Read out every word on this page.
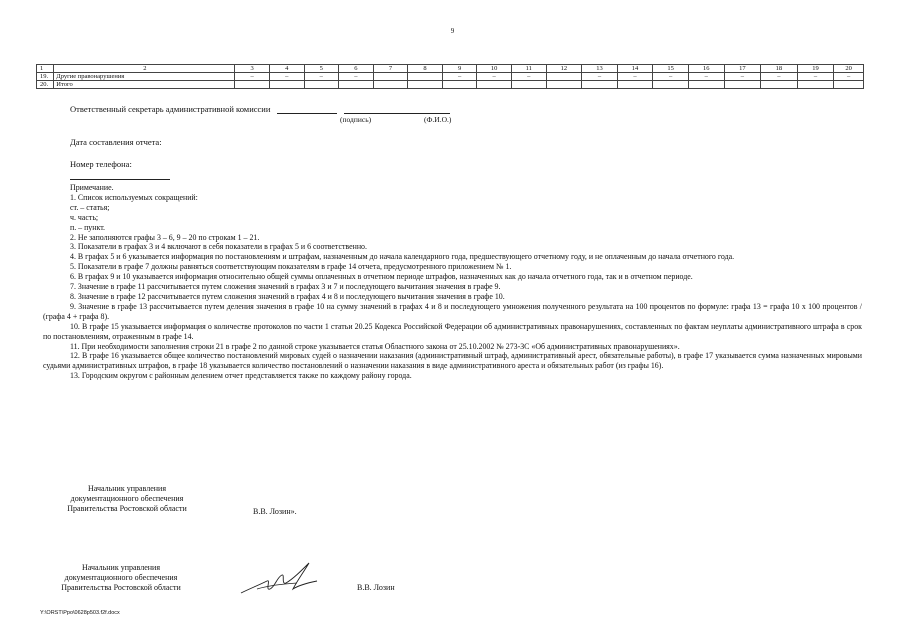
9
1	2	3	4	5	6	7	8	9	10	11	12	13	14	15	16	17	18	19	20
19.	Другие правонарушения	–	–	–	–			–	–	–		–	–	–	–	–	–	–	–
20.	Итого																		
Ответственный секретарь административной комиссии
(подпись)	(Ф.И.О.)
Дата составления отчета:
Номер телефона:

Примечание.

1. Список используемых сокращений:

ст. – статья;

ч. часть;

п. – пункт.

2. Не заполняются графы 3 – 6, 9 – 20 по строкам 1 – 21.

3. Показатели в графах 3 и 4 включают в себя показатели в графах 5 и 6 соответственно.

4. В графах 5 и 6 указывается информация по постановлениям и штрафам, назначенным до начала календарного года, предшествующего отчетному году, и не оплаченным до начала отчетного года.

5. Показатели в графе 7 должны равняться соответствующим показателям в графе 14 отчета, предусмотренного приложением № 1.

6. В графах 9 и 10 указывается информация относительно общей суммы оплаченных в отчетном периоде штрафов, назначенных как до начала отчетного года, так и в отчетном периоде.

7. Значение в графе 11 рассчитывается путем сложения значений в графах 3 и 7 и последующего вычитания значения в графе 9.

8. Значение в графе 12 рассчитывается путем сложения значений в графах 4 и 8 и последующего вычитания значения в графе 10.

9. Значение в графе 13 рассчитывается путем деления значения в графе 10 на сумму значений в графах 4 и 8 и последующего умножения полученного результата на 100 процентов по формуле: графа 13 = графа 10 x 100 процентов / (графа 4 + графа 8).

10. В графе 15 указывается информация о количестве протоколов по части 1 статьи 20.25 Кодекса Российской Федерации об административных правонарушениях, составленных по фактам неуплаты административного штрафа в срок по постановлениям, отраженным в графе 14.

11. При необходимости заполнения строки 21 в графе 2 по данной строке указывается статья Областного закона от 25.10.2002 № 273-ЗС «Об административных правонарушениях».

12. В графе 16 указывается общее количество постановлений мировых судей о назначении наказания (административный штраф, административный арест, обязательные работы), в графе 17 указывается сумма назначенных мировыми судьями административных штрафов, в графе 18 указывается количество постановлений о назначении наказания в виде административного ареста и обязательных работ (из графы 16).

13. Городским округом с районным делением отчет представляется также по каждому району города.

Начальник управления
документационного обеспечения
Правительства Ростовской области	В.В. Лозин».
Начальник управления
документационного обеспечения
Правительства Ростовской области	В.В. Лозин
Y:\ORST\Ppo\0628p503.f2f.docx
